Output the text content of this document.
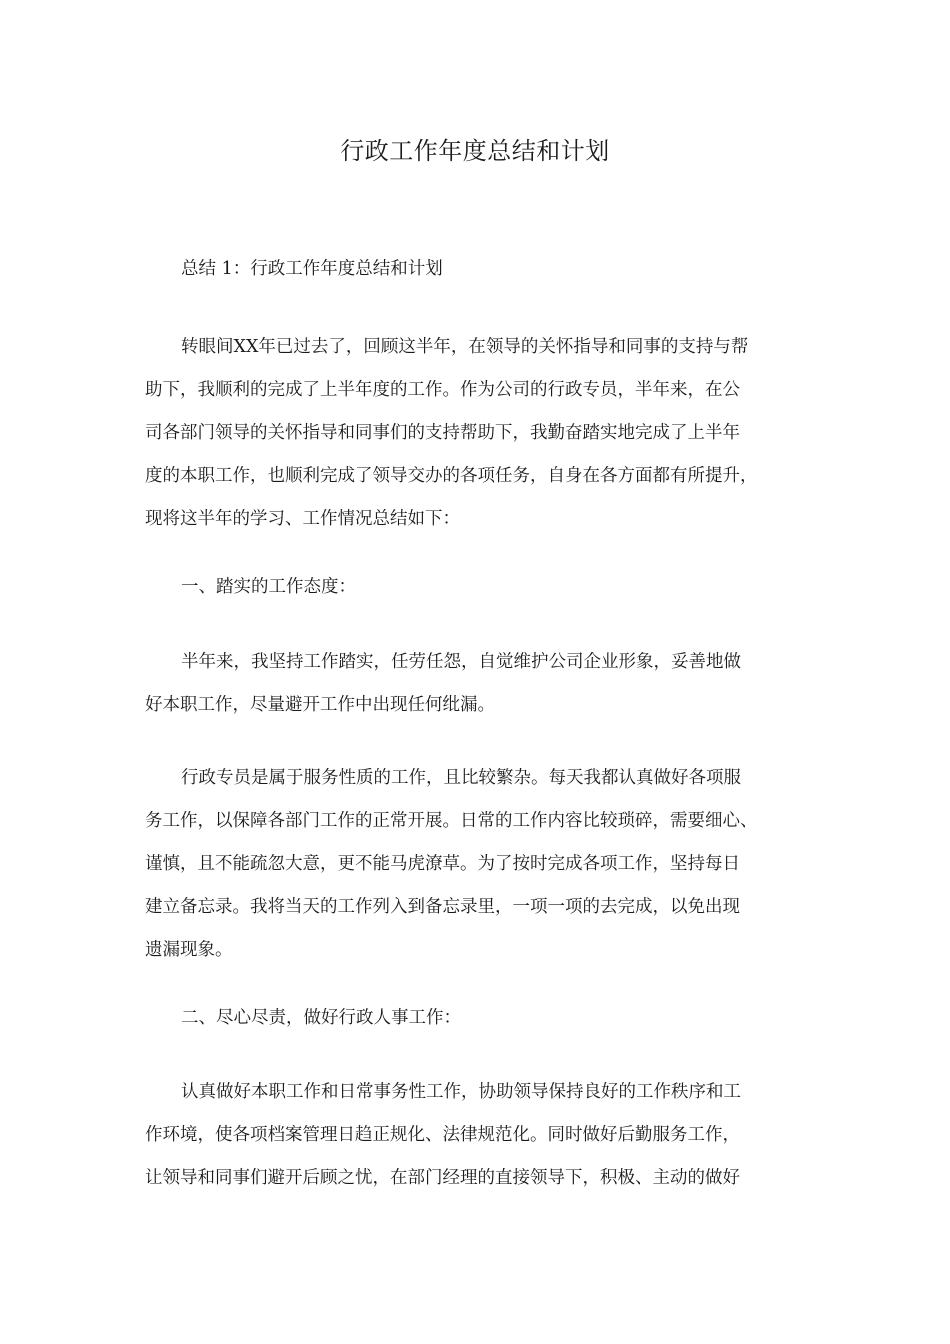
行政工作年度总结和计划
总结 1：行政工作年度总结和计划
转眼间XX年已过去了，回顾这半年，在领导的关怀指导和同事的支持与帮
助下，我顺利的完成了上半年度的工作。作为公司的行政专员，半年来，在公
司各部门领导的关怀指导和同事们的支持帮助下，我勤奋踏实地完成了上半年
度的本职工作，也顺利完成了领导交办的各项任务，自身在各方面都有所提升，
现将这半年的学习、工作情况总结如下：
一、踏实的工作态度：
半年来，我坚持工作踏实，任劳任怨，自觉维护公司企业形象，妥善地做
好本职工作，尽量避开工作中出现任何纰漏。
行政专员是属于服务性质的工作，且比较繁杂。每天我都认真做好各项服
务工作，以保障各部门工作的正常开展。日常的工作内容比较琐碎，需要细心、
谨慎，且不能疏忽大意，更不能马虎潦草。为了按时完成各项工作，坚持每日
建立备忘录。我将当天的工作列入到备忘录里，一项一项的去完成，以免出现
遗漏现象。
二、尽心尽责，做好行政人事工作：
认真做好本职工作和日常事务性工作，协助领导保持良好的工作秩序和工
作环境，使各项档案管理日趋正规化、法律规范化。同时做好后勤服务工作，
让领导和同事们避开后顾之忧，在部门经理的直接领导下，积极、主动的做好
